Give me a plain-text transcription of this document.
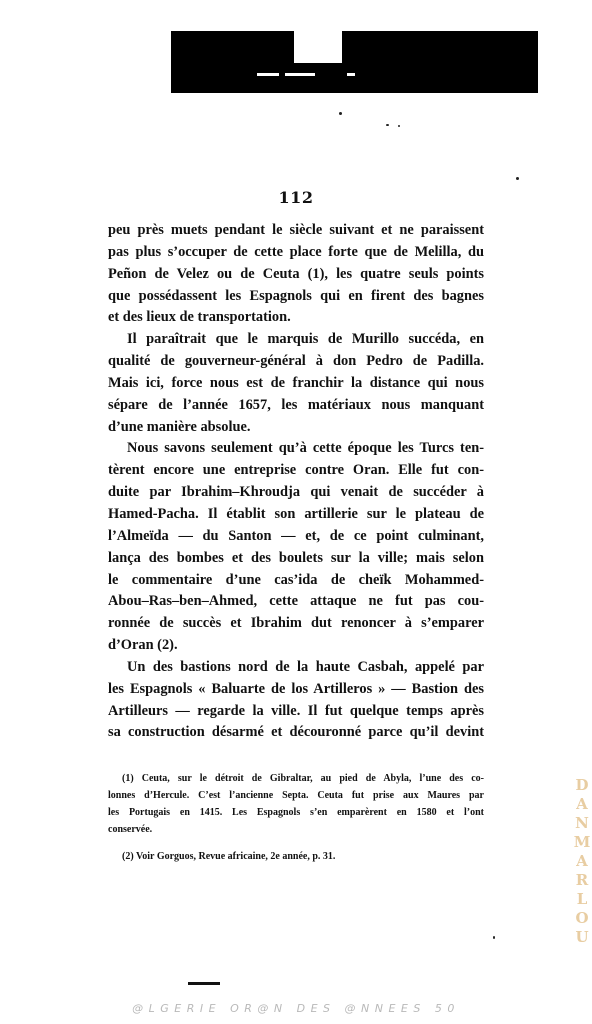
112
peu près muets pendant le siècle suivant et ne paraissent
pas plus s’occuper de cette place forte que de Melilla, du
Peñon de Velez ou de Ceuta (1), les quatre seuls points
que possédassent les Espagnols qui en firent des bagnes
et des lieux de transportation.
Il paraîtrait que le marquis de Murillo succéda, en
qualité de gouverneur-général à don Pedro de Padilla.
Mais ici, force nous est de franchir la distance qui nous
sépare de l’année 1657, les matériaux nous manquant
d’une manière absolue.
Nous savons seulement qu’à cette époque les Turcs ten-
tèrent encore une entreprise contre Oran. Elle fut con-
duite par Ibrahim–Khroudja qui venait de succéder à
Hamed-Pacha. Il établit son artillerie sur le plateau de
l’Almeïda — du Santon — et, de ce point culminant,
lança des bombes et des boulets sur la ville; mais selon
le commentaire d’une cas’ida de cheïk Mohammed-
Abou–Ras–ben–Ahmed, cette attaque ne fut pas cou-
ronnée de succès et Ibrahim dut renoncer à s’emparer
d’Oran (2).
Un des bastions nord de la haute Casbah, appelé par
les Espagnols « Baluarte de los Artilleros » — Bastion des
Artilleurs — regarde la ville. Il fut quelque temps après
sa construction désarmé et découronné parce qu’il devint
(1) Ceuta, sur le détroit de Gibraltar, au pied de Abyla, l’une des co-
lonnes d’Hercule. C’est l’ancienne Septa. Ceuta fut prise aux Maures par
les Portugais en 1415. Les Espagnols s’en emparèrent en 1580 et l’ont
conservée.
(2) Voir Gorguos, Revue africaine, 2e année, p. 31.	DANMARLOU
@LGERIE OR@N DES @NNEES 50
